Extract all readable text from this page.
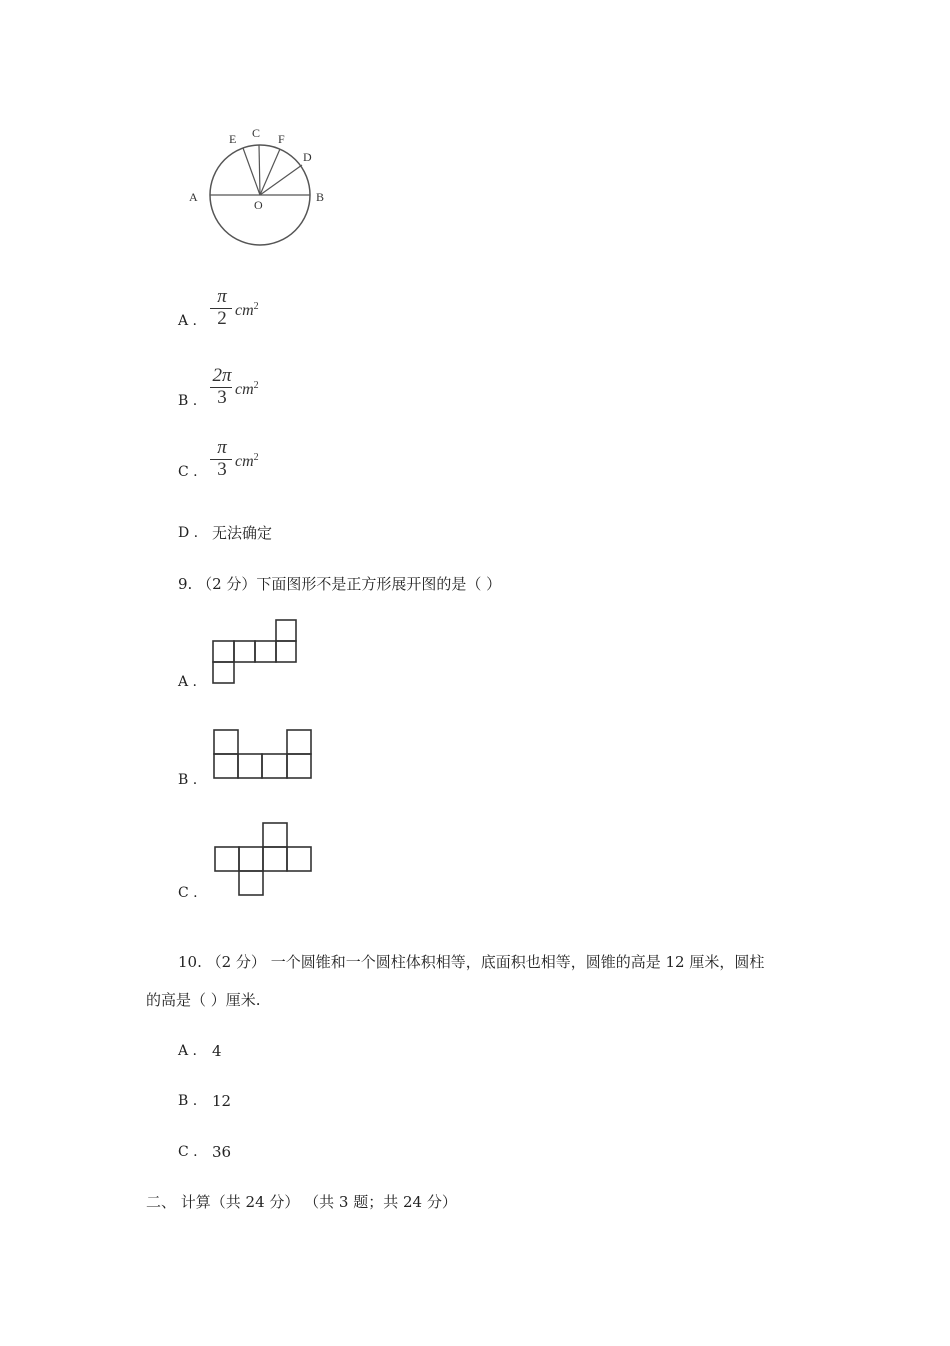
A	B
C
D
E	F
O
A .
π
2 $cm^2$
B .
2π
3 $cm^2$
C .
π
3 $cm^2$
D . 无法确定
9. （2 分）下面图形不是正方形展开图的是（ ）
A .
B .
C .
10. （2 分） 一个圆锥和一个圆柱体积相等，底面积也相等，圆锥的高是 12 厘米，圆柱
的高是（ ）厘米.
A . 4
B . 12
C . 36
二、 计算（共 24 分） （共 3 题；共 24 分）
